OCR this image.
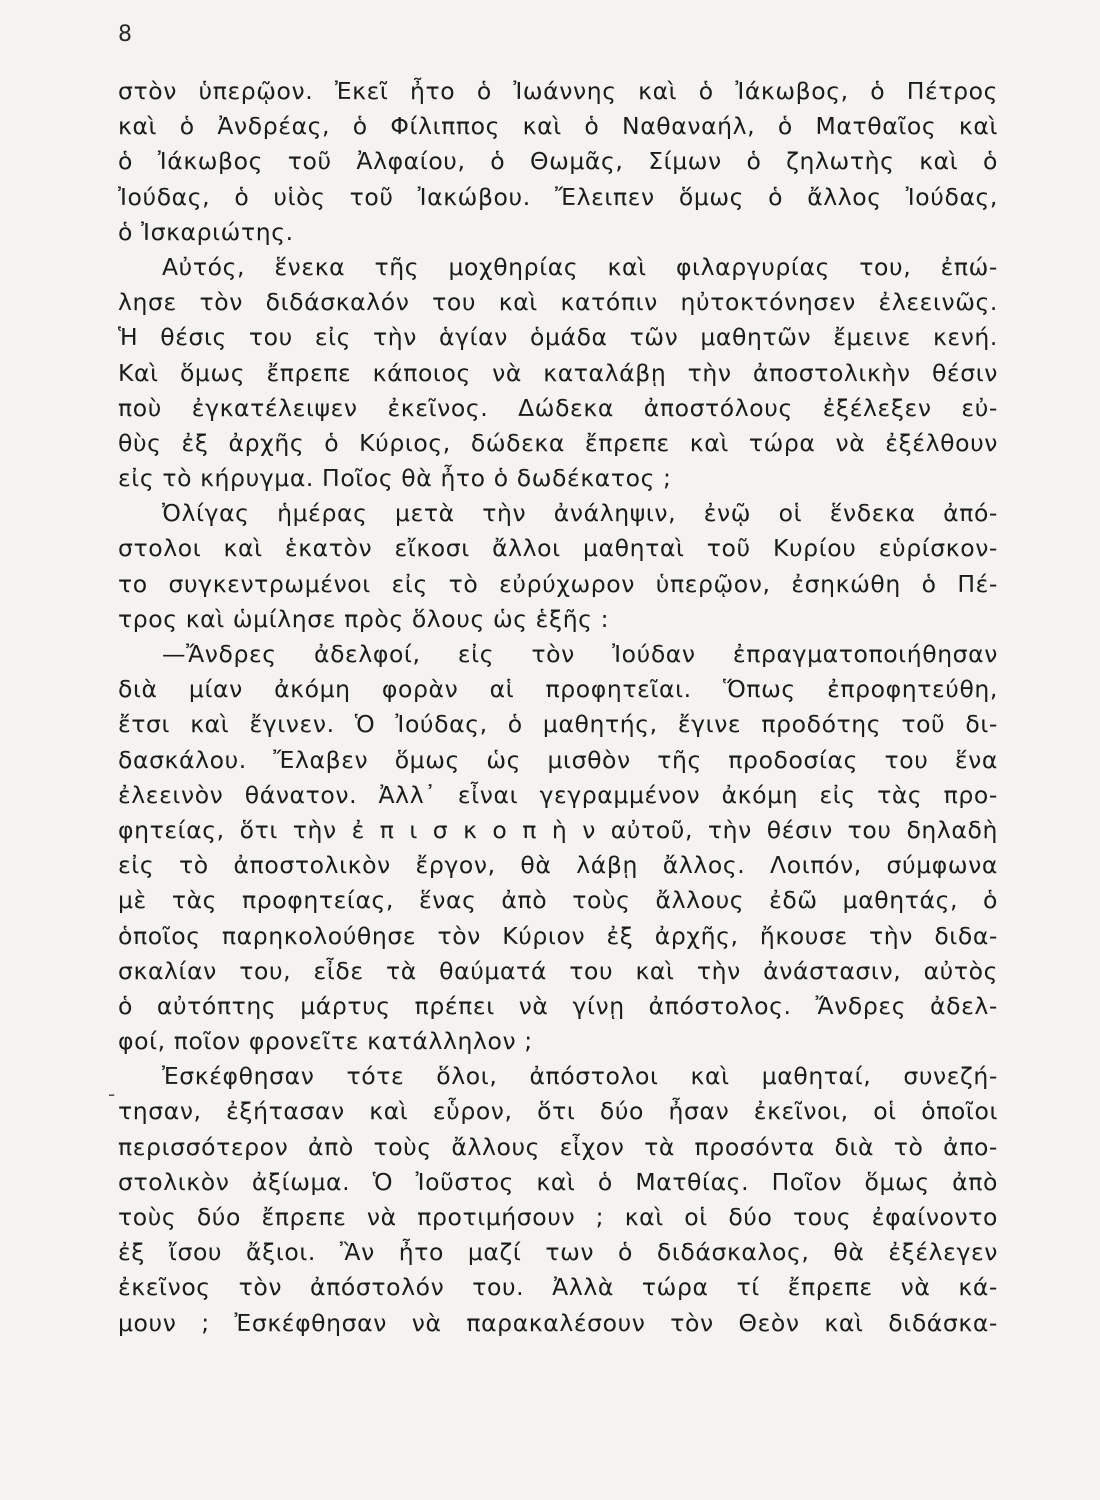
8
στὸν ὑπερῷον. Ἐκεῖ ἦτο ὁ Ἰωάννης καὶ ὁ Ἰάκωβος, ὁ Πέτρος
καὶ ὁ Ἀνδρέας, ὁ Φίλιππος καὶ ὁ Ναθαναήλ, ὁ Ματθαῖος καὶ
ὁ Ἰάκωβος τοῦ Ἀλφαίου, ὁ Θωμᾶς, Σίμων ὁ ζηλωτὴς καὶ ὁ
Ἰούδας, ὁ υἱὸς τοῦ Ἰακώβου. Ἔλειπεν ὅμως ὁ ἄλλος Ἰούδας,
ὁ Ἰσκαριώτης.
Αὐτός, ἕνεκα τῆς μοχθηρίας καὶ φιλαργυρίας του, ἐπώ-
λησε τὸν διδάσκαλόν του καὶ κατόπιν ηὐτοκτόνησεν ἐλεεινῶς.
Ἡ θέσις του εἰς τὴν ἁγίαν ὁμάδα τῶν μαθητῶν ἔμεινε κενή.
Καὶ ὅμως ἔπρεπε κάποιος νὰ καταλάβῃ τὴν ἀποστολικὴν θέσιν
ποὺ ἐγκατέλειψεν ἐκεῖνος. Δώδεκα ἀποστόλους ἐξέλεξεν εὐ-
θὺς ἐξ ἀρχῆς ὁ Κύριος, δώδεκα ἔπρεπε καὶ τώρα νὰ ἐξέλθουν
εἰς τὸ κήρυγμα. Ποῖος θὰ ἦτο ὁ δωδέκατος ;
Ὀλίγας ἡμέρας μετὰ τὴν ἀνάληψιν, ἐνῷ οἱ ἕνδεκα ἀπό-
στολοι καὶ ἑκατὸν εἴκοσι ἄλλοι μαθηταὶ τοῦ Κυρίου εὑρίσκον-
το συγκεντρωμένοι εἰς τὸ εὐρύχωρον ὑπερῷον, ἐσηκώθη ὁ Πέ-
τρος καὶ ὡμίλησε πρὸς ὅλους ὡς ἑξῆς :
—Ἄνδρες ἀδελφοί, εἰς τὸν Ἰούδαν ἐπραγματοποιήθησαν
διὰ μίαν ἀκόμη φορὰν αἱ προφητεῖαι. Ὅπως ἐπροφητεύθη,
ἔτσι καὶ ἔγινεν. Ὁ Ἰούδας, ὁ μαθητής, ἔγινε προδότης τοῦ δι-
δασκάλου. Ἔλαβεν ὅμως ὡς μισθὸν τῆς προδοσίας του ἕνα
ἐλεεινὸν θάνατον. Ἀλλ᾽ εἶναι γεγραμμένον ἀκόμη εἰς τὰς προ-
φητείας, ὅτι τὴν ἐ π ι σ κ ο π ὴ ν αὐτοῦ, τὴν θέσιν του δηλαδὴ
εἰς τὸ ἀποστολικὸν ἔργον, θὰ λάβῃ ἄλλος. Λοιπόν, σύμφωνα
μὲ τὰς προφητείας, ἕνας ἀπὸ τοὺς ἄλλους ἐδῶ μαθητάς, ὁ
ὁποῖος παρηκολούθησε τὸν Κύριον ἐξ ἀρχῆς, ἤκουσε τὴν διδα-
σκαλίαν του, εἶδε τὰ θαύματά του καὶ τὴν ἀνάστασιν, αὐτὸς
ὁ αὐτόπτης μάρτυς πρέπει νὰ γίνῃ ἀπόστολος. Ἄνδρες ἀδελ-
φοί, ποῖον φρονεῖτε κατάλληλον ;
Ἐσκέφθησαν τότε ὅλοι, ἀπόστολοι καὶ μαθηταί, συνεζή-
τησαν, ἐξήτασαν καὶ εὗρον, ὅτι δύο ἦσαν ἐκεῖνοι, οἱ ὁποῖοι
περισσότερον ἀπὸ τοὺς ἄλλους εἶχον τὰ προσόντα διὰ τὸ ἀπο-
στολικὸν ἀξίωμα. Ὁ Ἰοῦστος καὶ ὁ Ματθίας. Ποῖον ὅμως ἀπὸ
τοὺς δύο ἔπρεπε νὰ προτιμήσουν ; καὶ οἱ δύο τους ἐφαίνοντο
ἐξ ἴσου ἄξιοι. Ἂν ἦτο μαζί των ὁ διδάσκαλος, θὰ ἐξέλεγεν
ἐκεῖνος τὸν ἀπόστολόν του. Ἀλλὰ τώρα τί ἔπρεπε νὰ κά-
μουν ; Ἐσκέφθησαν νὰ παρακαλέσουν τὸν Θεὸν καὶ διδάσκα-
-
